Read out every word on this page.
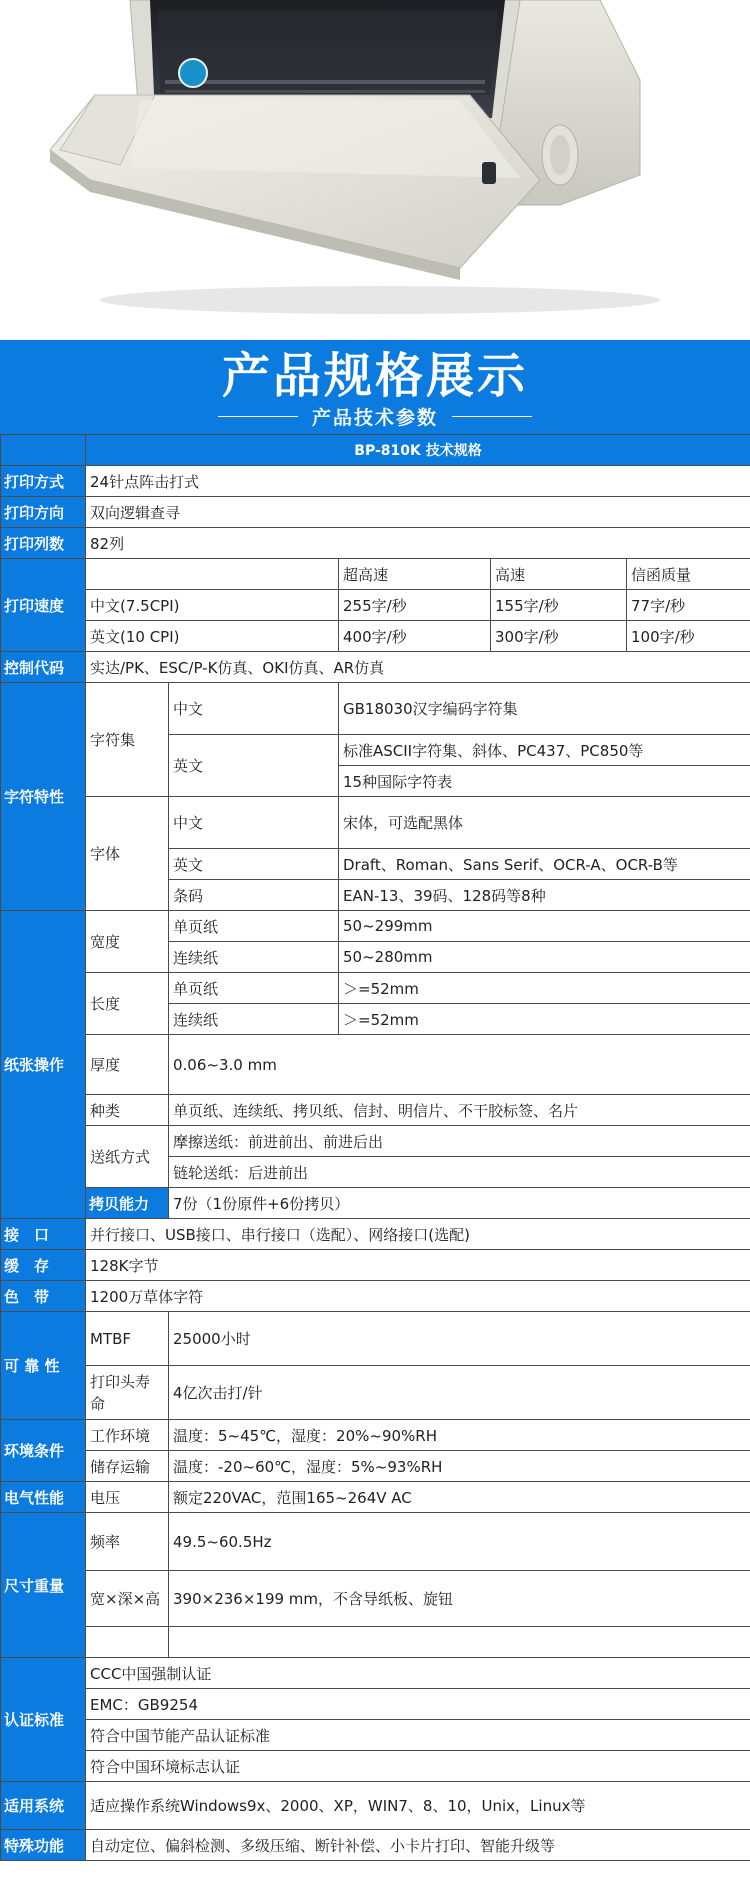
产品规格展示
产品技术参数
	BP-810K 技术规格			
打印方式	24针点阵击打式			
打印方向	双向逻辑查寻			
打印列数	82列			
打印速度			超高速	高速 信函质量

	中文(7.5CPI)		255字/秒	155字/秒 77字/秒

	英文(10 CPI)		400字/秒	300字/秒 100字/秒

控制代码	实达/PK、ESC/P-K仿真、OKI仿真、AR仿真			
字符特性	字符集	中文	GB18030汉字编码字符集	
		英文	标准ASCII字符集、斜体、PC437、PC850等	
			15种国际字符表	
	字体	中文	宋体，可选配黑体	
		英文	Draft、Roman、Sans Serif、OCR-A、OCR-B等	
		条码	EAN-13、39码、128码等8种	
纸张操作	宽度	单页纸	50~299mm	
		连续纸	50~280mm	
	长度	单页纸	＞=52mm	
		连续纸	＞=52mm	
	厚度	0.06~3.0 mm		
	种类	单页纸、连续纸、拷贝纸、信封、明信片、不干胶标签、名片		
	送纸方式	摩擦送纸：前进前出、前进后出		
		链轮送纸：后进前出		
	拷贝能力	7份（1份原件+6份拷贝）		
接　口	并行接口、USB接口、串行接口（选配）、网络接口(选配)			
缓　存	128K字节			
色　带	1200万草体字符			
可 靠 性	MTBF	25000小时		
	打印头寿命	4亿次击打/针		
环境条件	工作环境	温度：5~45℃，湿度：20%~90%RH		
	储存运输	温度：-20~60℃，湿度：5%~93%RH		
电气性能	电压	额定220VAC，范围165~264V AC		
尺寸重量	频率	49.5~60.5Hz		
	宽×深×高	390×236×199 mm，不含导纸板、旋钮		

认证标准	CCC中国强制认证			
	EMC：GB9254			
	符合中国节能产品认证标准			
	符合中国环境标志认证			
适用系统	适应操作系统Windows9x、2000、XP，WIN7、8、10，Unix，Linux等			
特殊功能	自动定位、偏斜检测、多级压缩、断针补偿、小卡片打印、智能升级等			
